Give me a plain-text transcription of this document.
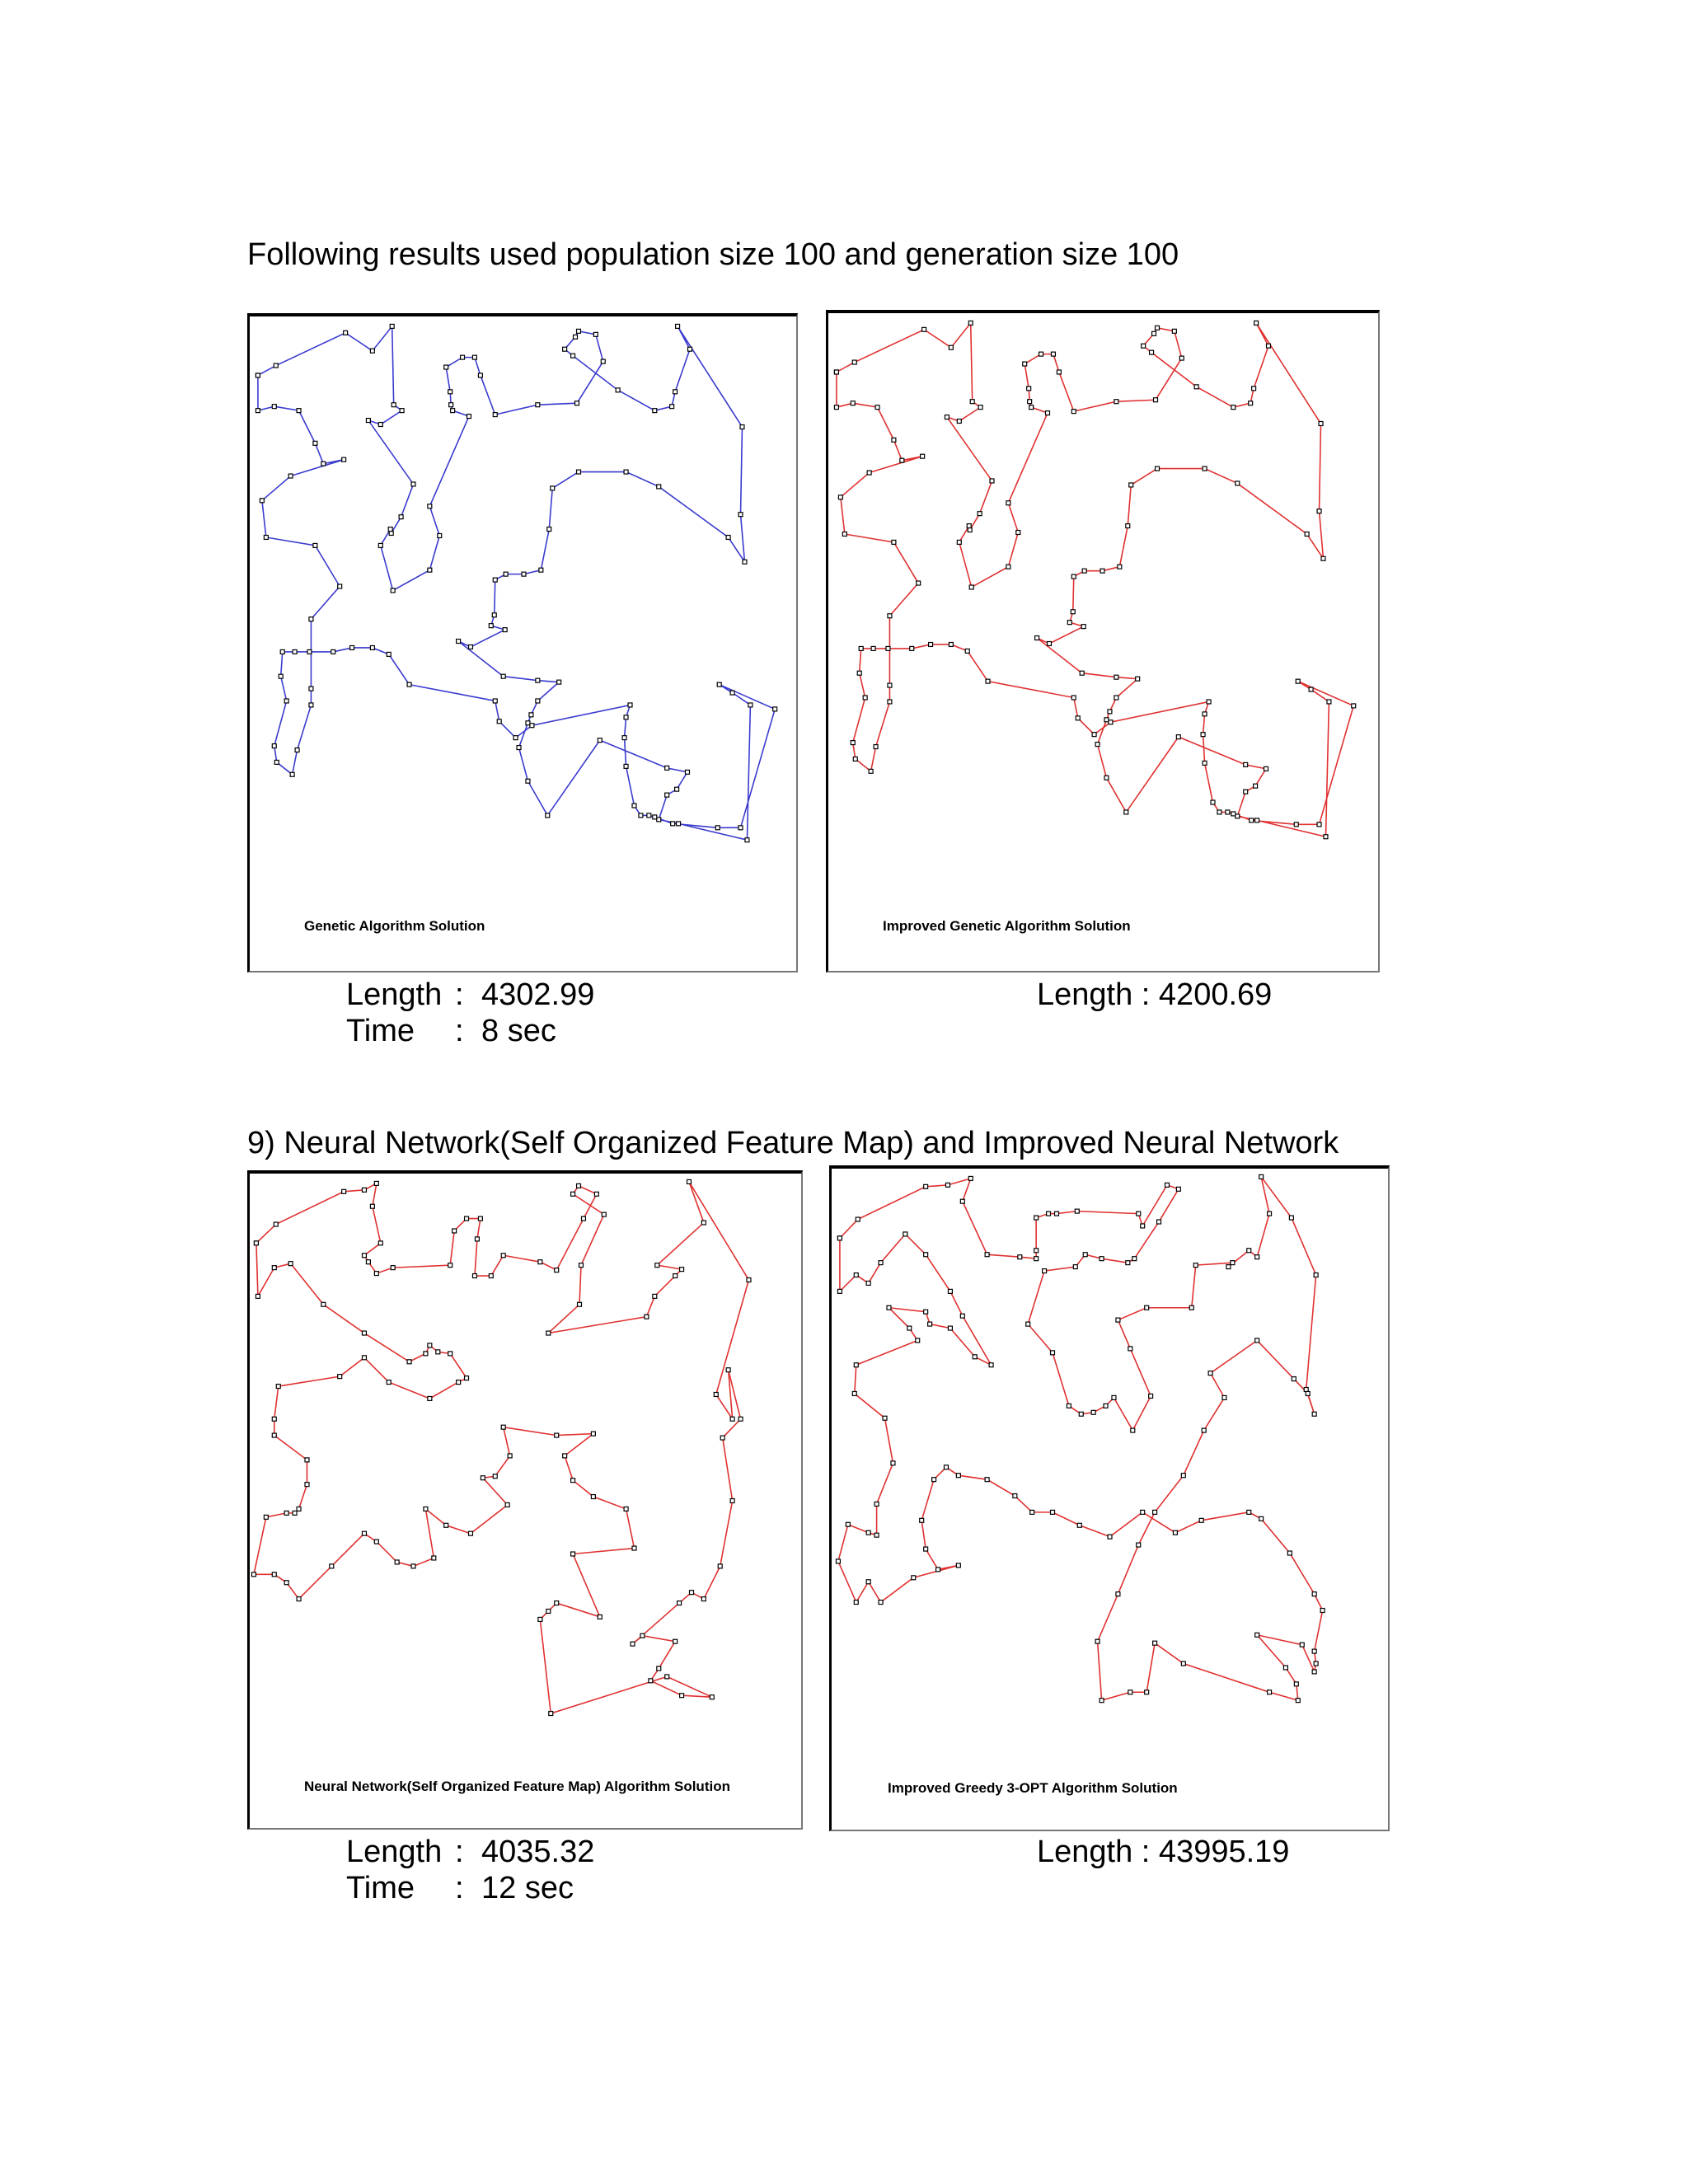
Following results used population size 100 and generation size 100
Genetic Algorithm Solution	Improved Genetic Algorithm Solution
Length : 4302.99
Time : 8 sec
Length : 4200.69
9) Neural Network(Self Organized Feature Map) and Improved Neural Network
Neural Network(Self Organized Feature Map) Algorithm Solution	Improved Greedy 3-OPT Algorithm Solution
Length : 4035.32
Time : 12 sec
Length : 43995.19
